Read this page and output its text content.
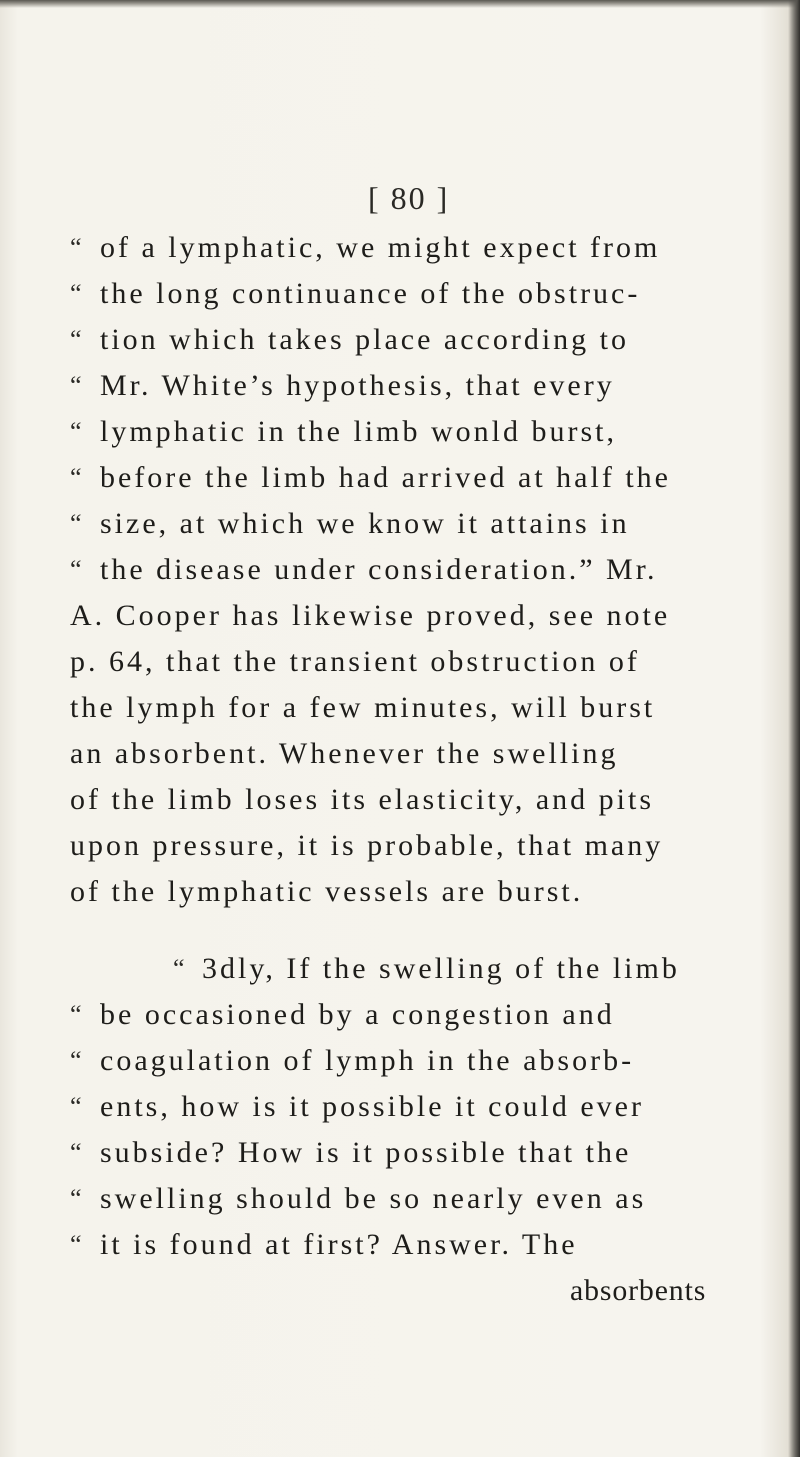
[ 80 ]
“ of a lymphatic, we might expect from
“ the long continuance of the obstruc-
“ tion which takes place according to
“ Mr. White’s hypothesis, that every
“ lymphatic in the limb wonld burst,
“ before the limb had arrived at half the
“ size, at which we know it attains in
“ the disease under consideration.” Mr.
A. Cooper has likewise proved, see note
p. 64, that the transient obstruction of
the lymph for a few minutes, will burst
an absorbent. Whenever the swelling
of the limb loses its elasticity, and pits
upon pressure, it is probable, that many
of the lymphatic vessels are burst.
“ 3dly, If the swelling of the limb
“ be occasioned by a congestion and
“ coagulation of lymph in the absorb-
“ ents, how is it possible it could ever
“ subside? How is it possible that the
“ swelling should be so nearly even as
“ it is found at first? Answer. The
absorbents
